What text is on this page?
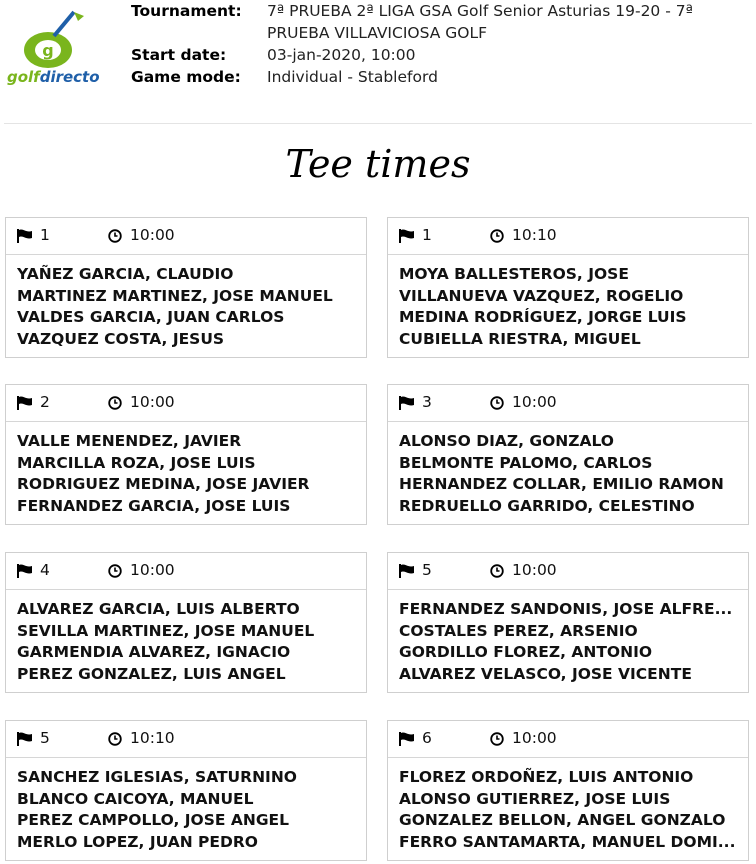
g
golfdirecto
Tournament:	7ª PRUEBA 2ª LIGA GSA Golf Senior Asturias 19-20 - 7ª PRUEBA VILLAVICIOSA GOLF
Start date:	03-jan-2020, 10:00
Game mode:	Individual - Stableford
Tee times
1	10:00
YAÑEZ GARCIA, CLAUDIO
MARTINEZ MARTINEZ, JOSE MANUEL
VALDES GARCIA, JUAN CARLOS
VAZQUEZ COSTA, JESUS
1	10:10
MOYA BALLESTEROS, JOSE
VILLANUEVA VAZQUEZ, ROGELIO
MEDINA RODRÍGUEZ, JORGE LUIS
CUBIELLA RIESTRA, MIGUEL
2	10:00
VALLE MENENDEZ, JAVIER
MARCILLA ROZA, JOSE LUIS
RODRIGUEZ MEDINA, JOSE JAVIER
FERNANDEZ GARCIA, JOSE LUIS
3	10:00
ALONSO DIAZ, GONZALO
BELMONTE PALOMO, CARLOS
HERNANDEZ COLLAR, EMILIO RAMON
REDRUELLO GARRIDO, CELESTINO
4	10:00
ALVAREZ GARCIA, LUIS ALBERTO
SEVILLA MARTINEZ, JOSE MANUEL
GARMENDIA ALVAREZ, IGNACIO
PEREZ GONZALEZ, LUIS ANGEL
5	10:00
FERNANDEZ SANDONIS, JOSE ALFRE...
COSTALES PEREZ, ARSENIO
GORDILLO FLOREZ, ANTONIO
ALVAREZ VELASCO, JOSE VICENTE
5	10:10
SANCHEZ IGLESIAS, SATURNINO
BLANCO CAICOYA, MANUEL
PEREZ CAMPOLLO, JOSE ANGEL
MERLO LOPEZ, JUAN PEDRO
6	10:00
FLOREZ ORDOÑEZ, LUIS ANTONIO
ALONSO GUTIERREZ, JOSE LUIS
GONZALEZ BELLON, ANGEL GONZALO
FERRO SANTAMARTA, MANUEL DOMI...
